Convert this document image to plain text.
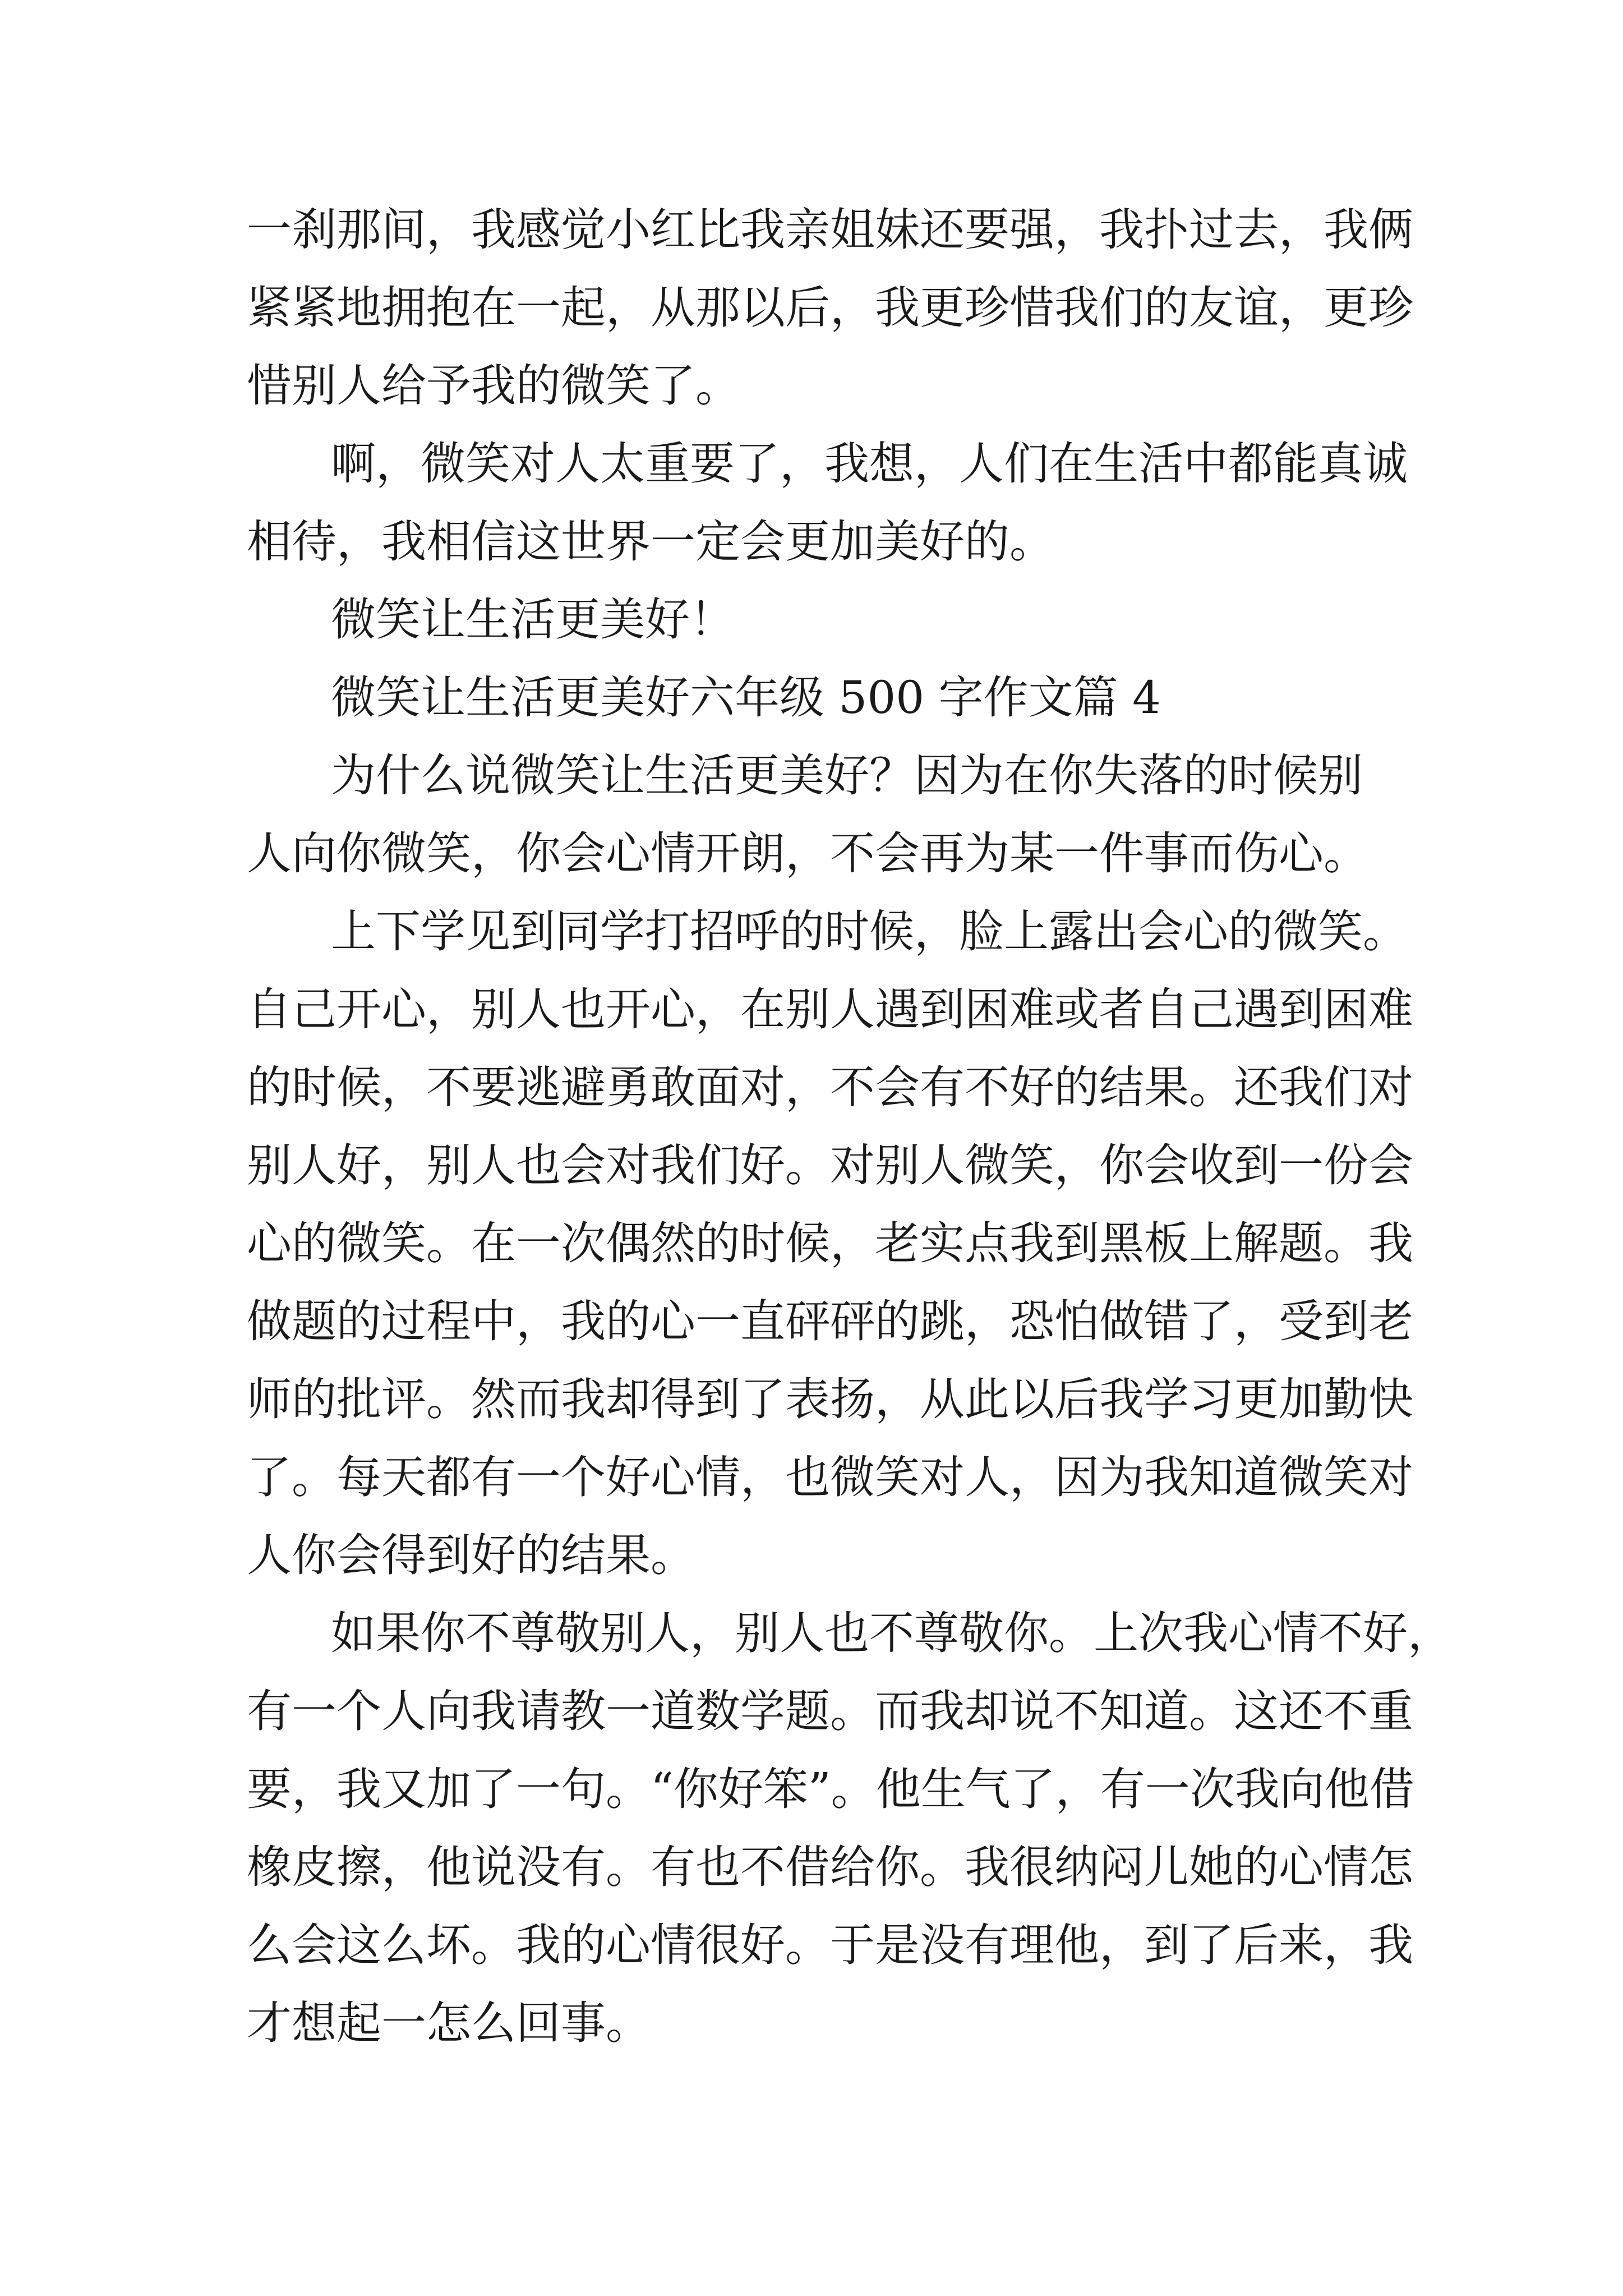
一刹那间，我感觉小红比我亲姐妹还要强，我扑过去，我俩
紧紧地拥抱在一起，从那以后，我更珍惜我们的友谊，更珍
惜别人给予我的微笑了。
啊，微笑对人太重要了，我想，人们在生活中都能真诚
相待，我相信这世界一定会更加美好的。
微笑让生活更美好！
微笑让生活更美好六年级 500 字作文篇 4
为什么说微笑让生活更美好？因为在你失落的时候别
人向你微笑，你会心情开朗，不会再为某一件事而伤心。
上下学见到同学打招呼的时候，脸上露出会心的微笑。
自己开心，别人也开心，在别人遇到困难或者自己遇到困难
的时候，不要逃避勇敢面对，不会有不好的结果。还我们对
别人好，别人也会对我们好。对别人微笑，你会收到一份会
心的微笑。在一次偶然的时候，老实点我到黑板上解题。我
做题的过程中，我的心一直砰砰的跳，恐怕做错了，受到老
师的批评。然而我却得到了表扬，从此以后我学习更加勤快
了。每天都有一个好心情，也微笑对人，因为我知道微笑对
人你会得到好的结果。
如果你不尊敬别人，别人也不尊敬你。上次我心情不好，
有一个人向我请教一道数学题。而我却说不知道。这还不重
要，我又加了一句。“你好笨”。他生气了，有一次我向他借
橡皮擦，他说没有。有也不借给你。我很纳闷儿她的心情怎
么会这么坏。我的心情很好。于是没有理他，到了后来，我
才想起一怎么回事。
